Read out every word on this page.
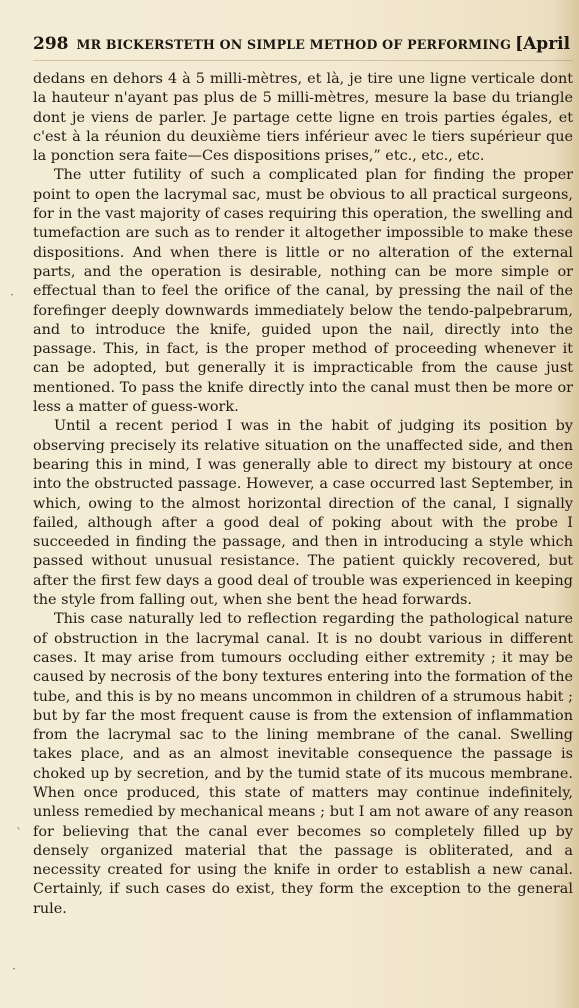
298 MR BICKERSTETH ON SIMPLE METHOD OF PERFORMING [April

dedans en dehors 4 à 5 milli-mètres, et là, je tire une ligne verticale dont la hauteur n'ayant pas plus de 5 milli-mètres, mesure la base du triangle dont je viens de parler. Je partage cette ligne en trois parties égales, et c'est à la réunion du deuxième tiers inférieur avec le tiers supérieur que la ponction sera faite—Ces dispositions prises,” etc., etc., etc.

The utter futility of such a complicated plan for finding the proper point to open the lacrymal sac, must be obvious to all practical surgeons, for in the vast majority of cases requiring this operation, the swelling and tumefaction are such as to render it altogether impossible to make these dispositions. And when there is little or no alteration of the external parts, and the operation is desirable, nothing can be more simple or effectual than to feel the orifice of the canal, by pressing the nail of the forefinger deeply downwards immediately below the tendo-palpebrarum, and to introduce the knife, guided upon the nail, directly into the passage. This, in fact, is the proper method of proceeding whenever it can be adopted, but generally it is impracticable from the cause just mentioned. To pass the knife directly into the canal must then be more or less a matter of guess-work.

Until a recent period I was in the habit of judging its position by observing precisely its relative situation on the unaffected side, and then bearing this in mind, I was generally able to direct my bistoury at once into the obstructed passage. However, a case occurred last September, in which, owing to the almost horizontal direction of the canal, I signally failed, although after a good deal of poking about with the probe I succeeded in finding the passage, and then in introducing a style which passed without unusual resistance. The patient quickly recovered, but after the first few days a good deal of trouble was experienced in keeping the style from falling out, when she bent the head forwards.

This case naturally led to reflection regarding the pathological nature of obstruction in the lacrymal canal. It is no doubt various in different cases. It may arise from tumours occluding either extremity ; it may be caused by necrosis of the bony textures entering into the formation of the tube, and this is by no means uncommon in children of a strumous habit ; but by far the most frequent cause is from the extension of inflammation from the lacrymal sac to the lining membrane of the canal. Swelling takes place, and as an almost inevitable consequence the passage is choked up by secretion, and by the tumid state of its mucous membrane. When once produced, this state of matters may continue indefinitely, unless remedied by mechanical means ; but I am not aware of any reason for believing that the canal ever becomes so completely filled up by densely organized material that the passage is obliterated, and a necessity created for using the knife in order to establish a new canal. Certainly, if such cases do exist, they form the exception to the general rule.

·
ˋ
·
